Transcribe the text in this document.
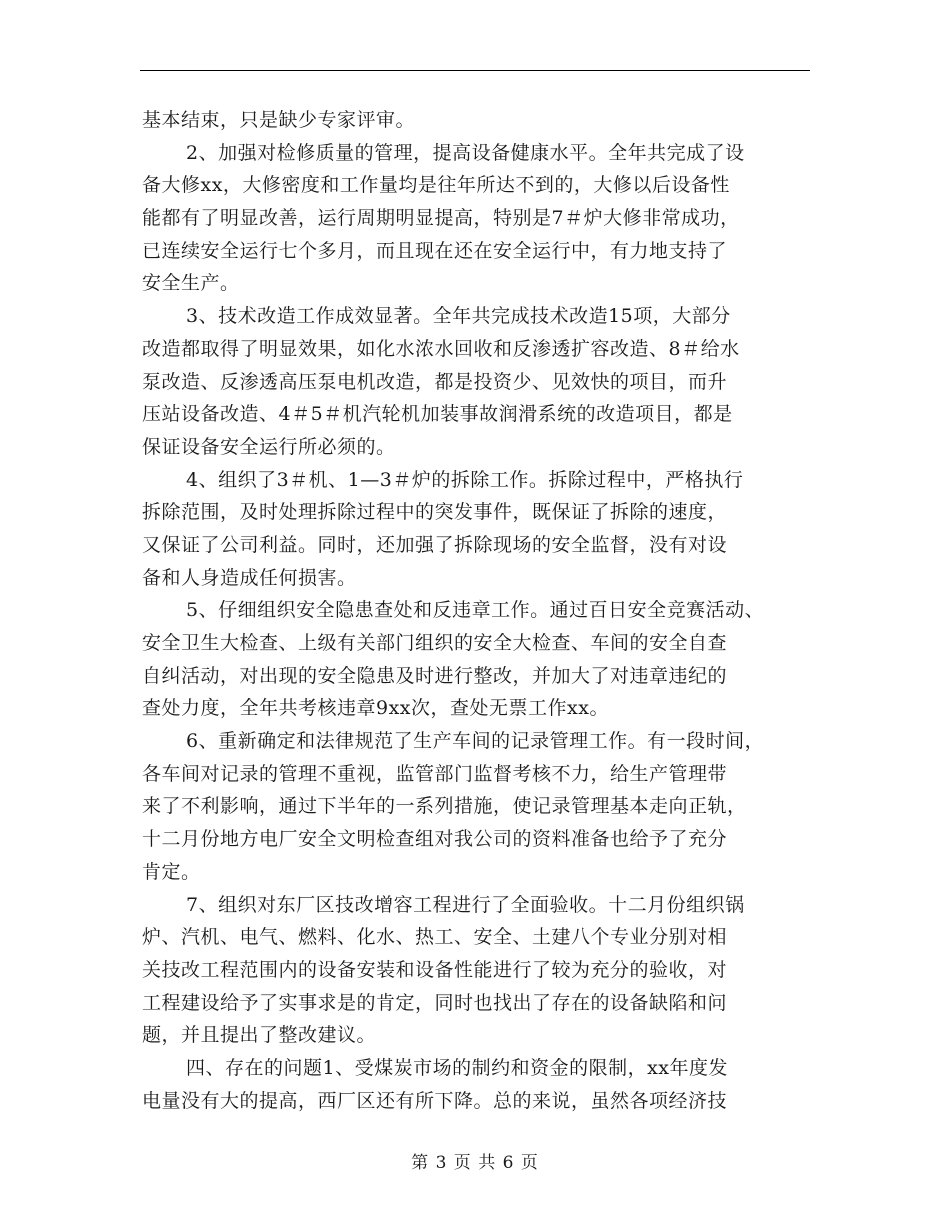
基本结束，只是缺少专家评审。
2、加强对检修质量的管理，提高设备健康水平。全年共完成了设
备大修xx，大修密度和工作量均是往年所达不到的，大修以后设备性
能都有了明显改善，运行周期明显提高，特别是7＃炉大修非常成功，
已连续安全运行七个多月，而且现在还在安全运行中，有力地支持了
安全生产。
3、技术改造工作成效显著。全年共完成技术改造15项，大部分
改造都取得了明显效果，如化水浓水回收和反渗透扩容改造、8＃给水
泵改造、反渗透高压泵电机改造，都是投资少、见效快的项目，而升
压站设备改造、4＃5＃机汽轮机加装事故润滑系统的改造项目，都是
保证设备安全运行所必须的。
4、组织了3＃机、1—3＃炉的拆除工作。拆除过程中，严格执行
拆除范围，及时处理拆除过程中的突发事件，既保证了拆除的速度，
又保证了公司利益。同时，还加强了拆除现场的安全监督，没有对设
备和人身造成任何损害。
5、仔细组织安全隐患查处和反违章工作。通过百日安全竞赛活动、
安全卫生大检查、上级有关部门组织的安全大检查、车间的安全自查
自纠活动，对出现的安全隐患及时进行整改，并加大了对违章违纪的
查处力度，全年共考核违章9xx次，查处无票工作xx。
6、重新确定和法律规范了生产车间的记录管理工作。有一段时间，
各车间对记录的管理不重视，监管部门监督考核不力，给生产管理带
来了不利影响，通过下半年的一系列措施，使记录管理基本走向正轨，
十二月份地方电厂安全文明检查组对我公司的资料准备也给予了充分
肯定。
7、组织对东厂区技改增容工程进行了全面验收。十二月份组织锅
炉、汽机、电气、燃料、化水、热工、安全、土建八个专业分别对相
关技改工程范围内的设备安装和设备性能进行了较为充分的验收，对
工程建设给予了实事求是的肯定，同时也找出了存在的设备缺陷和问
题，并且提出了整改建议。
四、存在的问题1、受煤炭市场的制约和资金的限制，xx年度发
电量没有大的提高，西厂区还有所下降。总的来说，虽然各项经济技
第 3 页 共 6 页
